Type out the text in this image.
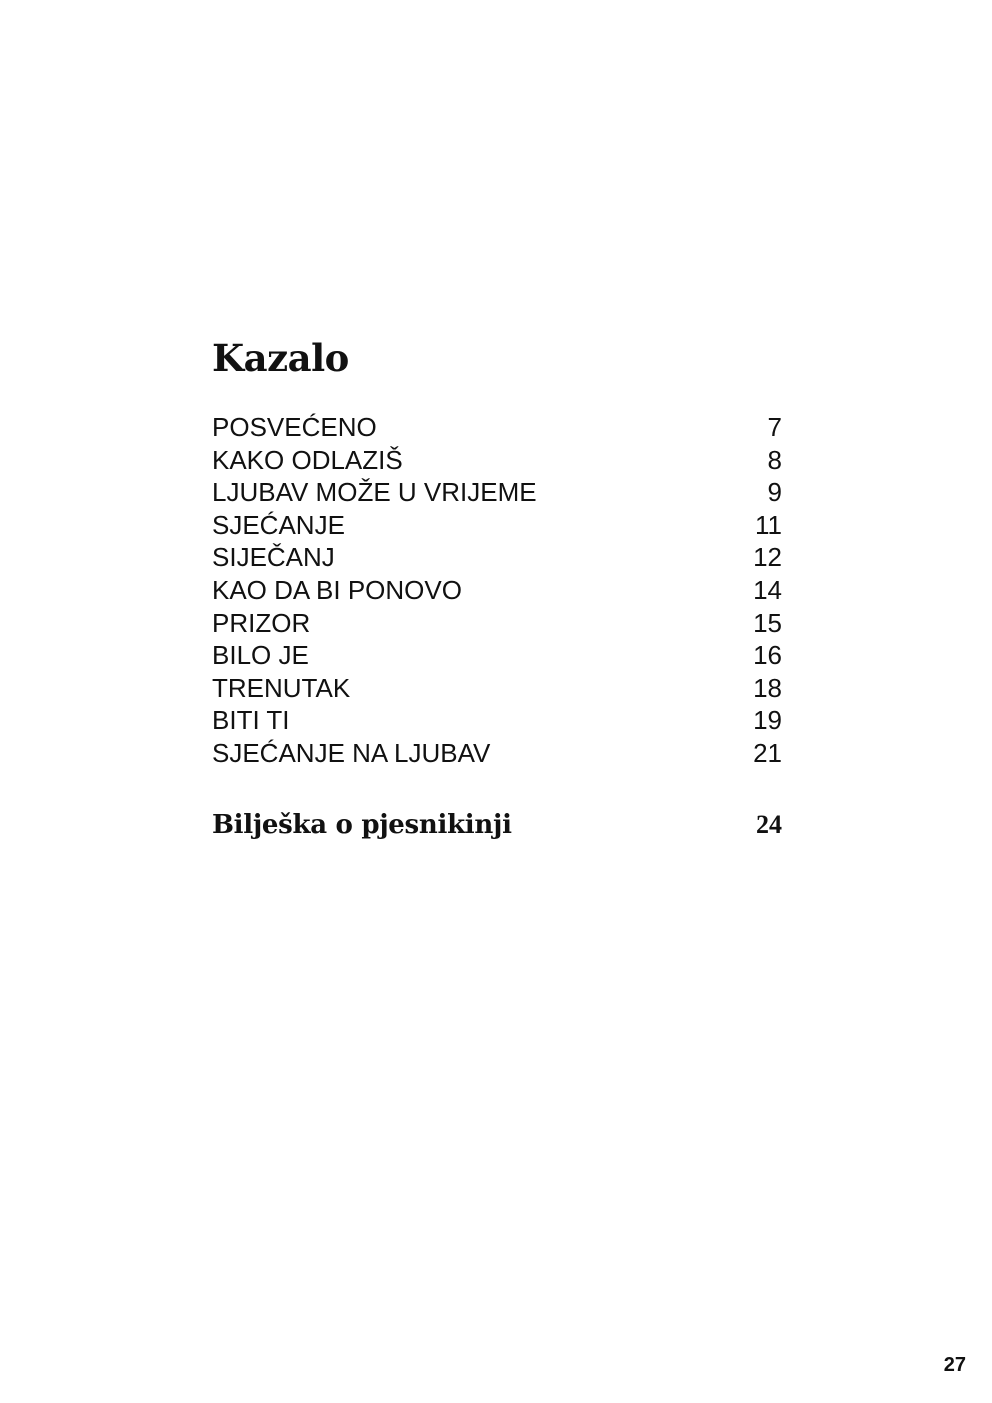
Kazalo
POSVEĆENO	7
KAKO ODLAZIŠ	8
LJUBAV MOŽE U VRIJEME	9
SJEĆANJE	11
SIJEČANJ	12
KAO DA BI PONOVO	14
PRIZOR	15
BILO JE	16
TRENUTAK	18
BITI TI	19
SJEĆANJE NA LJUBAV	21
Bilješka o pjesnikinji	24
27
